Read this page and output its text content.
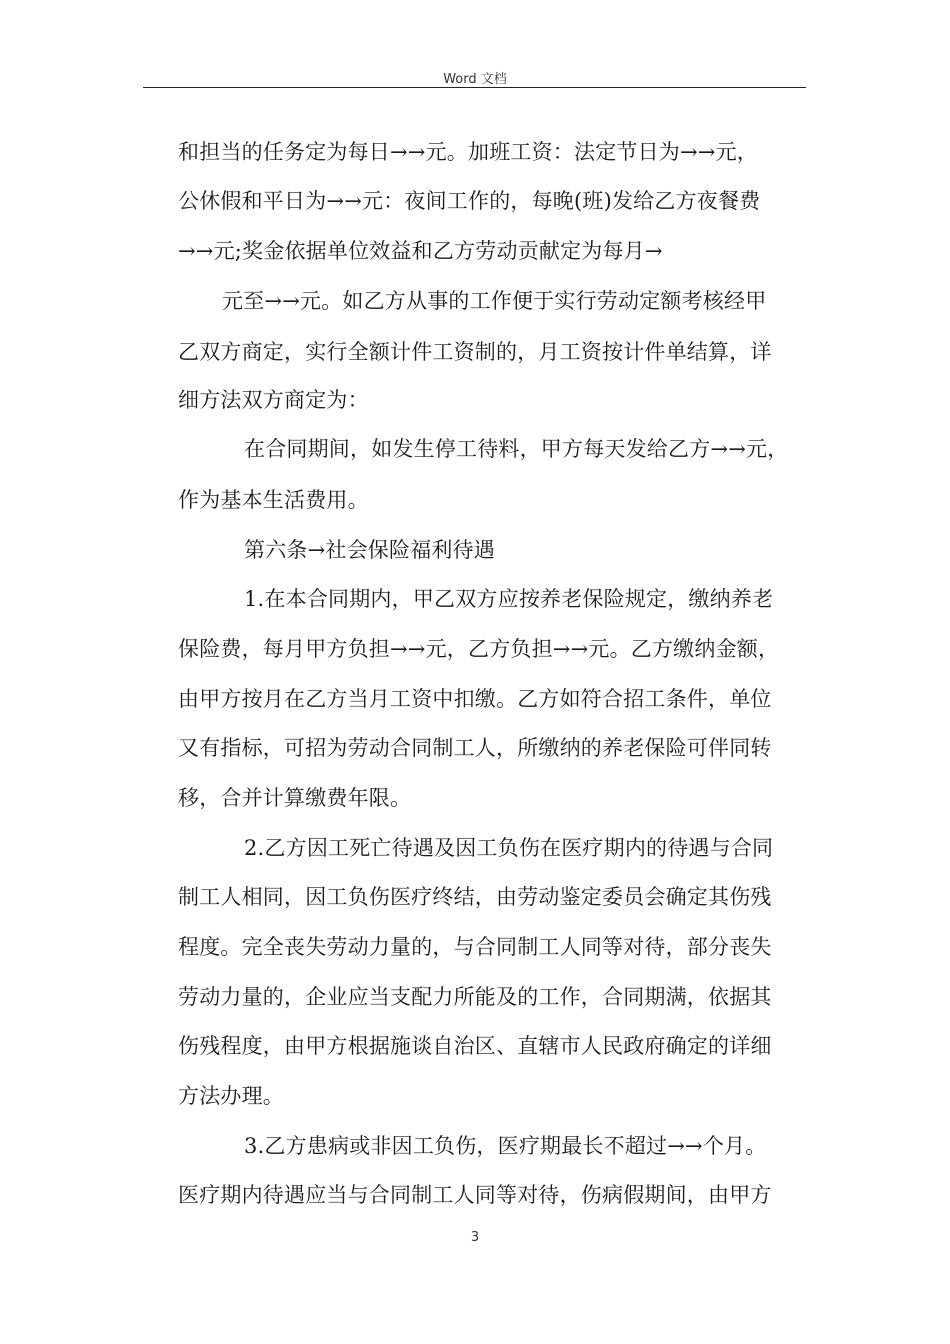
Word 文档
和担当的任务定为每日→→元。加班工资：法定节日为→→元，
公休假和平日为→→元：夜间工作的，每晚(班)发给乙方夜餐费
→→元;奖金依据单位效益和乙方劳动贡献定为每月→
元至→→元。如乙方从事的工作便于实行劳动定额考核经甲
乙双方商定，实行全额计件工资制的，月工资按计件单结算，详
细方法双方商定为：
在合同期间，如发生停工待料，甲方每天发给乙方→→元，
作为基本生活费用。
第六条→社会保险福利待遇
1.在本合同期内，甲乙双方应按养老保险规定，缴纳养老
保险费，每月甲方负担→→元，乙方负担→→元。乙方缴纳金额，
由甲方按月在乙方当月工资中扣缴。乙方如符合招工条件，单位
又有指标，可招为劳动合同制工人，所缴纳的养老保险可伴同转
移，合并计算缴费年限。
2.乙方因工死亡待遇及因工负伤在医疗期内的待遇与合同
制工人相同，因工负伤医疗终结，由劳动鉴定委员会确定其伤残
程度。完全丧失劳动力量的，与合同制工人同等对待，部分丧失
劳动力量的，企业应当支配力所能及的工作，合同期满，依据其
伤残程度，由甲方根据施谈自治区、直辖市人民政府确定的详细
方法办理。
3.乙方患病或非因工负伤，医疗期最长不超过→→个月。
医疗期内待遇应当与合同制工人同等对待，伤病假期间，由甲方
3
